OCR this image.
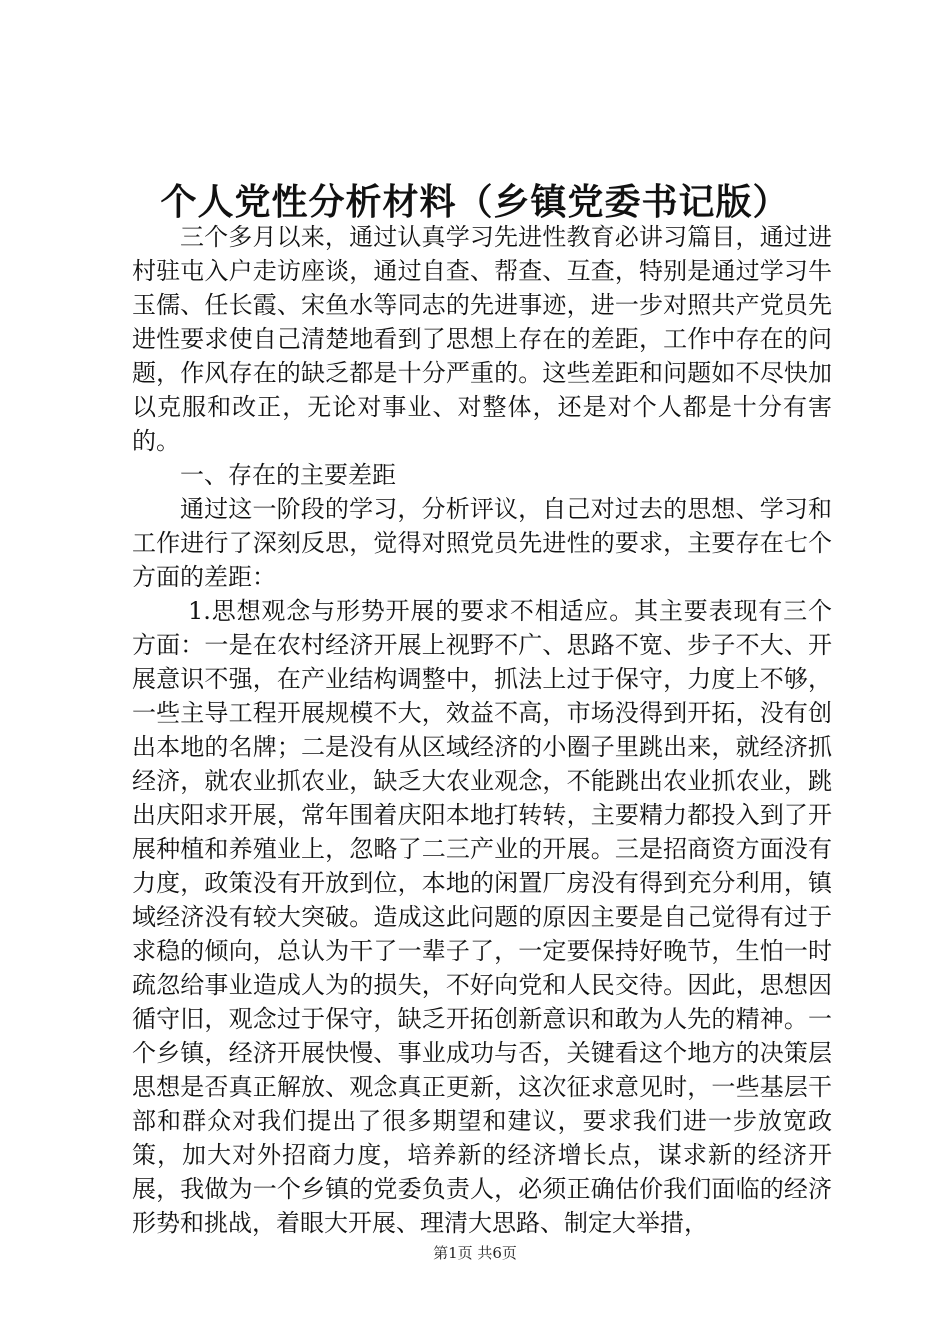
个人党性分析材料（乡镇党委书记版）

三个多月以来，通过认真学习先进性教育必讲习篇目，通过进村驻屯入户走访座谈，通过自查、帮查、互查，特别是通过学习牛玉儒、任长霞、宋鱼水等同志的先进事迹，进一步对照共产党员先进性要求使自己清楚地看到了思想上存在的差距，工作中存在的问题，作风存在的缺乏都是十分严重的。这些差距和问题如不尽快加以克服和改正，无论对事业、对整体，还是对个人都是十分有害的。

一、存在的主要差距

通过这一阶段的学习，分析评议，自己对过去的思想、学习和工作进行了深刻反思，觉得对照党员先进性的要求，主要存在七个方面的差距：

1.思想观念与形势开展的要求不相适应。其主要表现有三个方面：一是在农村经济开展上视野不广、思路不宽、步子不大、开展意识不强，在产业结构调整中，抓法上过于保守，力度上不够，一些主导工程开展规模不大，效益不高，市场没得到开拓，没有创出本地的名牌；二是没有从区域经济的小圈子里跳出来，就经济抓经济，就农业抓农业，缺乏大农业观念，不能跳出农业抓农业，跳出庆阳求开展，常年围着庆阳本地打转转，主要精力都投入到了开展种植和养殖业上，忽略了二三产业的开展。三是招商资方面没有力度，政策没有开放到位，本地的闲置厂房没有得到充分利用，镇域经济没有较大突破。造成这此问题的原因主要是自己觉得有过于求稳的倾向，总认为干了一辈子了，一定要保持好晚节，生怕一时疏忽给事业造成人为的损失，不好向党和人民交待。因此，思想因循守旧，观念过于保守，缺乏开拓创新意识和敢为人先的精神。一个乡镇，经济开展快慢、事业成功与否，关键看这个地方的决策层思想是否真正解放、观念真正更新，这次征求意见时，一些基层干部和群众对我们提出了很多期望和建议，要求我们进一步放宽政策，加大对外招商力度，培养新的经济增长点，谋求新的经济开展，我做为一个乡镇的党委负责人，必须正确估价我们面临的经济形势和挑战，着眼大开展、理清大思路、制定大举措，

第1页 共6页
